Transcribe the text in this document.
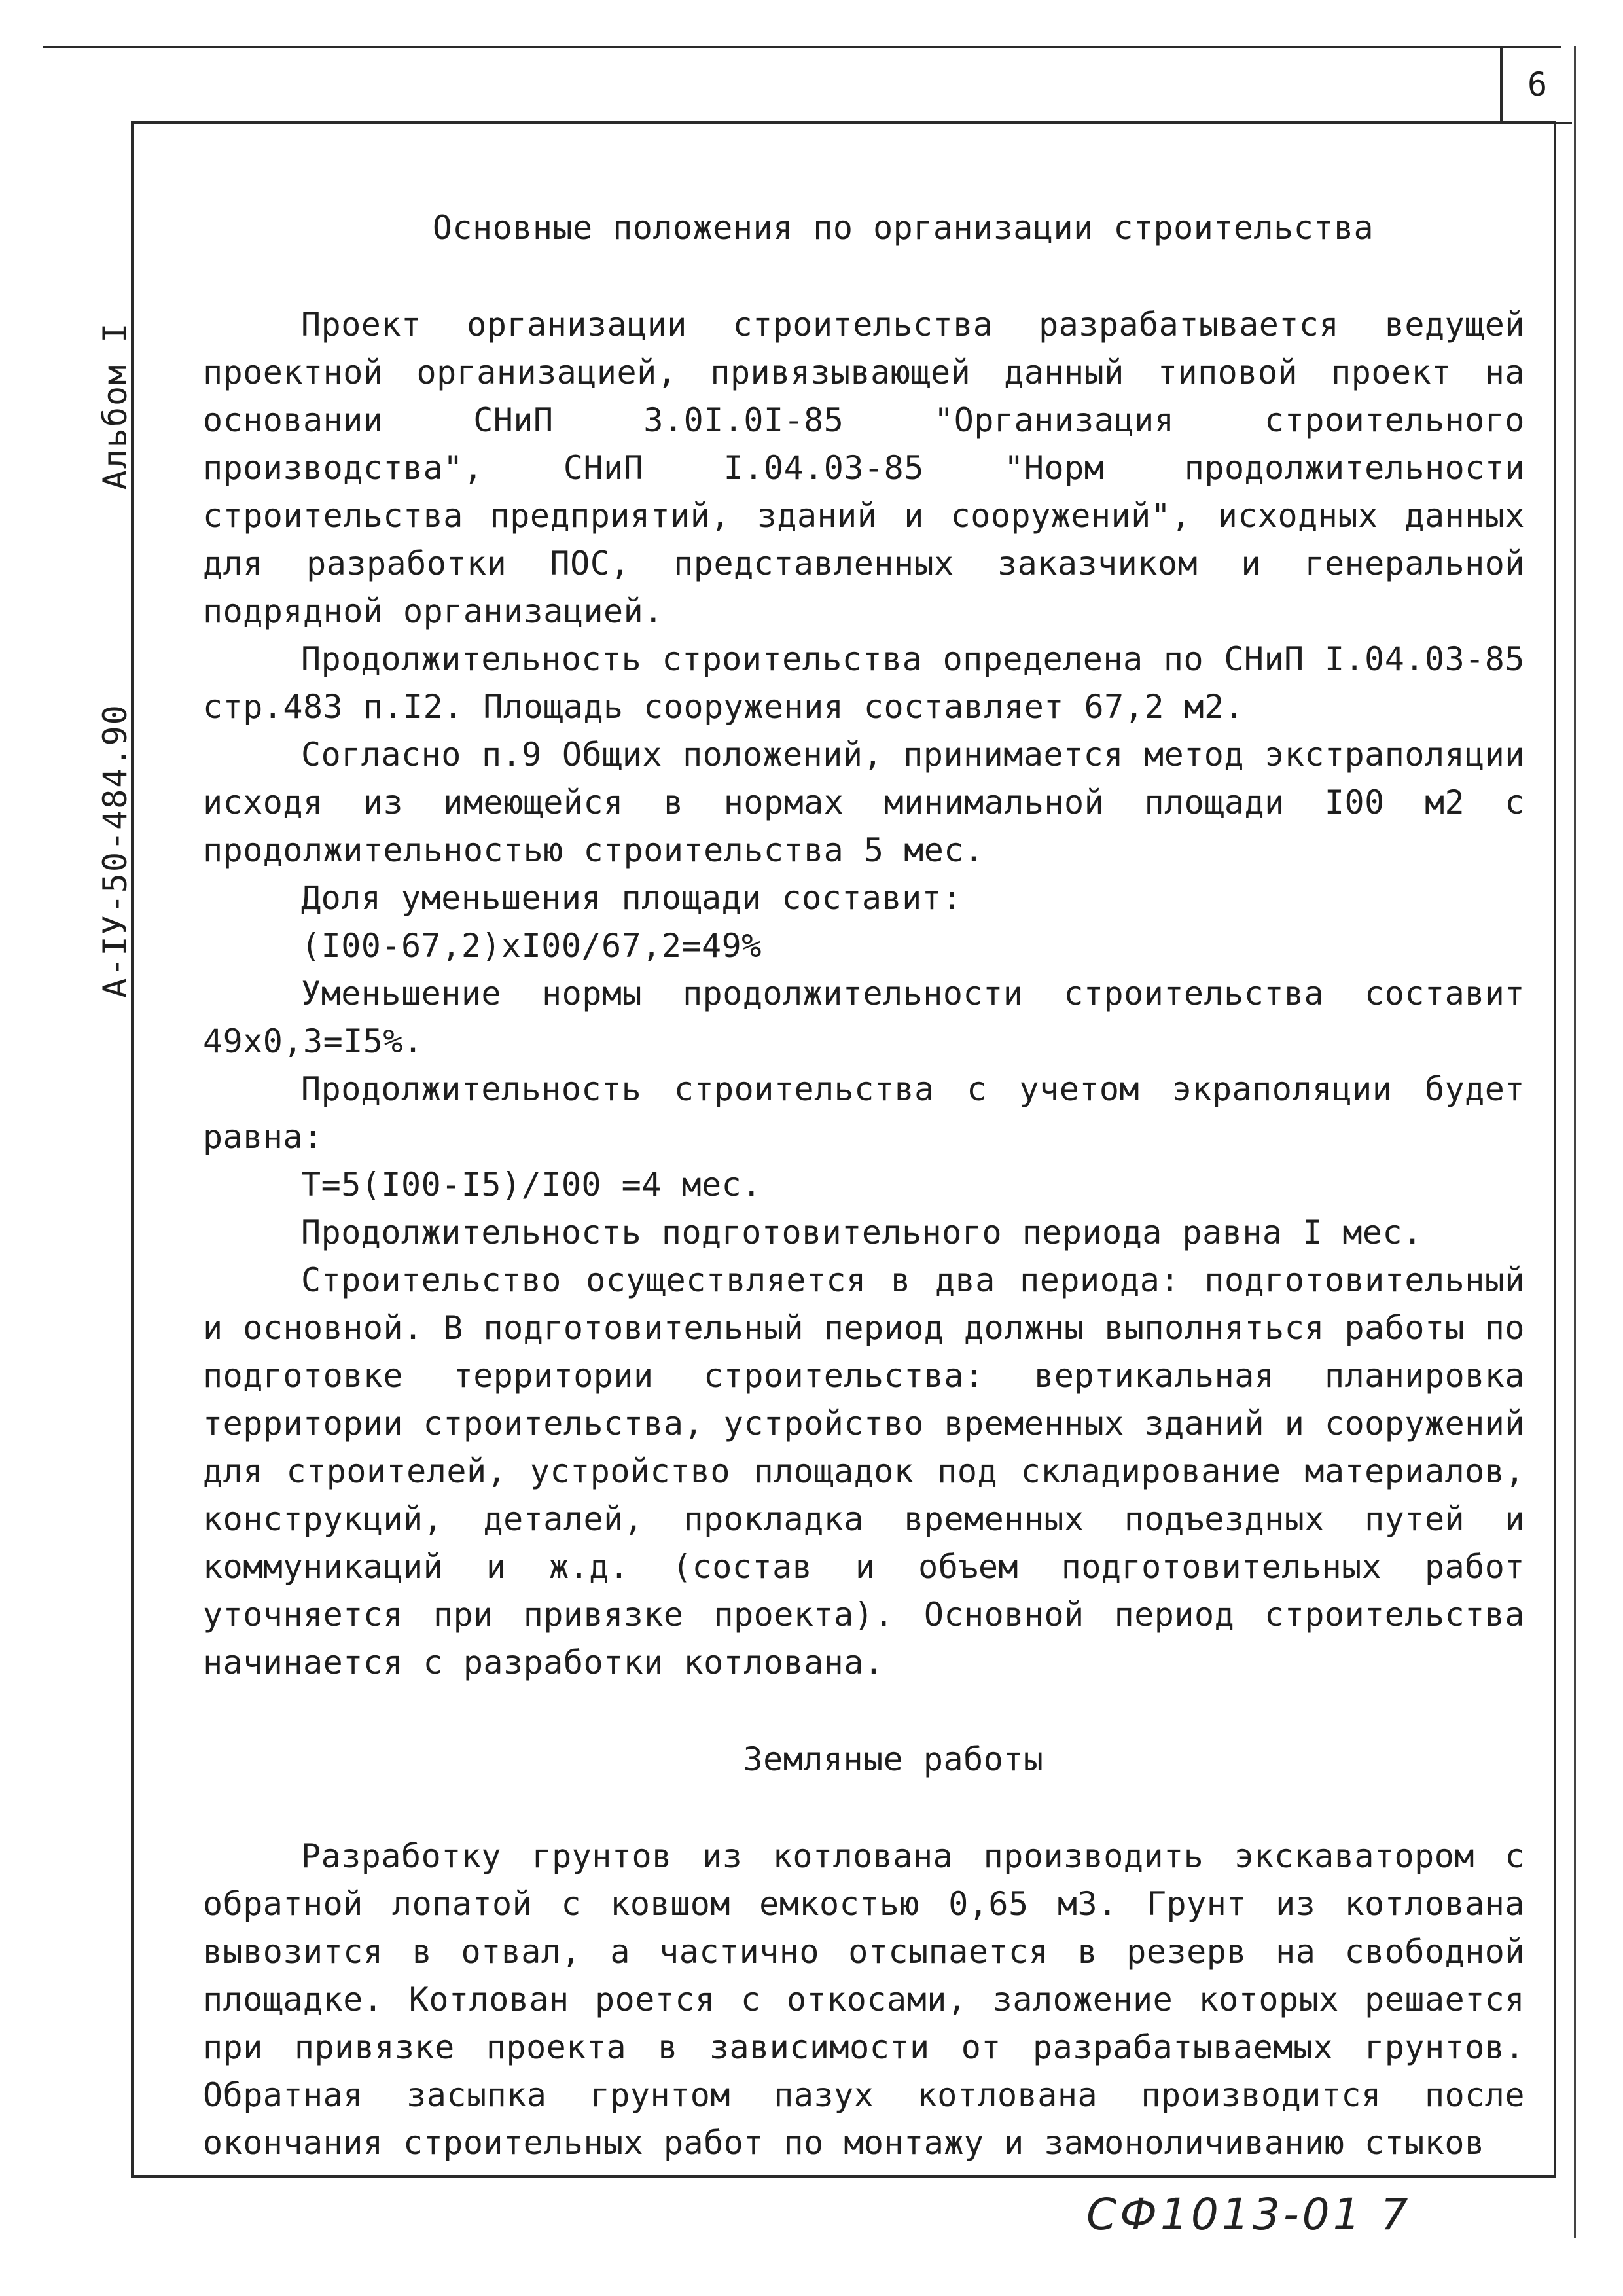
6
Альбом I
А-IУ-50-484.90
Основные положения по организации строительства

Проект организации строительства разрабатывается ведущей проектной организацией, привязывающей данный типовой проект на основании СНиП 3.0I.0I-85 "Организация строительного производства", СНиП I.04.03-85 "Норм продолжительности строительства предприятий, зданий и сооружений", исходных данных для разработки ПОС, представленных заказчиком и генеральной подрядной организацией.

Продолжительность строительства определена по СНиП I.04.03-85 стр.483 п.I2. Площадь сооружения составляет 67,2 м2.

Согласно п.9 Общих положений, принимается метод экстраполяции исходя из имеющейся в нормах минимальной площади I00 м2 с продолжительностью строительства 5 мес.

Доля уменьшения площади составит:

(I00-67,2)xI00/67,2=49%

Уменьшение нормы продолжительности строительства составит 49x0,3=I5%.

Продолжительность строительства с учетом экраполяции будет равна:

Т=5(I00-I5)/I00 =4 мес.

Продолжительность подготовительного периода равна I мес.

Строительство осуществляется в два периода: подготовительный и основной. В подготовительный период должны выполняться работы по подготовке территории строительства: вертикальная планировка территории строительства, устройство временных зданий и сооружений для строителей, устройство площадок под складирование материалов, конструкций, деталей, прокладка временных подъездных путей и коммуникаций и ж.д. (состав и объем подготовительных работ уточняется при привязке проекта). Основной период строительства начинается с разработки котлована.

Земляные работы

Разработку грунтов из котлована производить экскаватором с обратной лопатой с ковшом емкостью 0,65 м3. Грунт из котлована вывозится в отвал, а частично отсыпается в резерв на свободной площадке. Котлован роется с откосами, заложение которых решается при привязке проекта в зависимости от разрабатываемых грунтов. Обратная засыпка грунтом пазух котлована производится после окончания строительных работ по монтажу и замоноличиванию стыков

СФ1013-01 7
